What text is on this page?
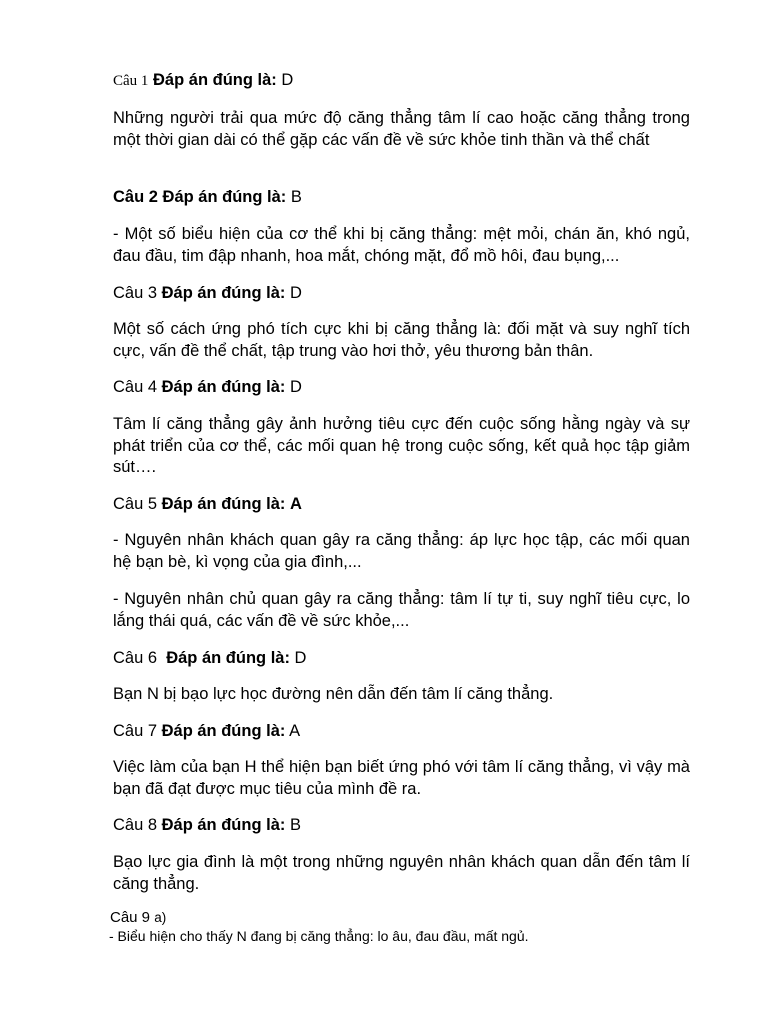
Câu 1 Đáp án đúng là: D

Những người trải qua mức độ căng thẳng tâm lí cao hoặc căng thẳng trong một thời gian dài có thể gặp các vấn đề về sức khỏe tinh thần và thể chất

Câu 2 Đáp án đúng là: B

- Một số biểu hiện của cơ thể khi bị căng thẳng: mệt mỏi, chán ăn, khó ngủ, đau đầu, tim đập nhanh, hoa mắt, chóng mặt, đổ mồ hôi, đau bụng,...

Câu 3 Đáp án đúng là: D

Một số cách ứng phó tích cực khi bị căng thẳng là: đối mặt và suy nghĩ tích cực, vấn đề thể chất, tập trung vào hơi thở, yêu thương bản thân.

Câu 4 Đáp án đúng là: D

Tâm lí căng thẳng gây ảnh hưởng tiêu cực đến cuộc sống hằng ngày và sự phát triển của cơ thể, các mối quan hệ trong cuộc sống, kết quả học tập giảm sút….

Câu 5 Đáp án đúng là: A

- Nguyên nhân khách quan gây ra căng thẳng: áp lực học tập, các mối quan hệ bạn bè, kì vọng của gia đình,...

- Nguyên nhân chủ quan gây ra căng thẳng: tâm lí tự ti, suy nghĩ tiêu cực, lo lắng thái quá, các vấn đề về sức khỏe,...

Câu 6 Đáp án đúng là: D

Bạn N bị bạo lực học đường nên dẫn đến tâm lí căng thẳng.

Câu 7 Đáp án đúng là: A

Việc làm của bạn H thể hiện bạn biết ứng phó với tâm lí căng thẳng, vì vậy mà bạn đã đạt được mục tiêu của mình đề ra.

Câu 8 Đáp án đúng là: B

Bạo lực gia đình là một trong những nguyên nhân khách quan dẫn đến tâm lí căng thẳng.

Câu 9 a)

- Biểu hiện cho thấy N đang bị căng thẳng: lo âu, đau đầu, mất ngủ.
